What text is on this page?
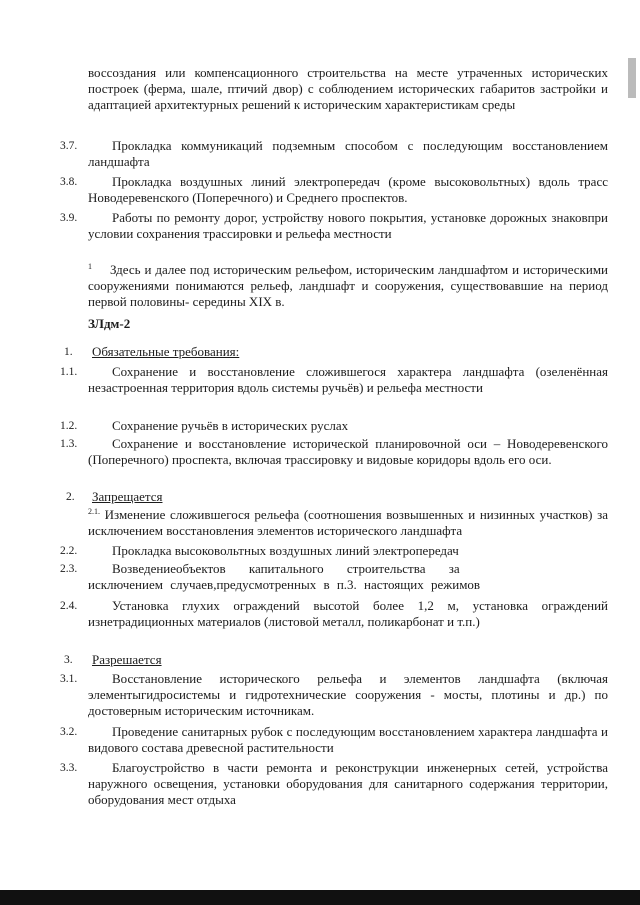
воссоздания или компенсационного строительства на месте утраченных исторических построек (ферма, шале, птичий двор) с соблюдением исторических габаритов застройки и адаптацией архитектурных решений к историческим характеристикам среды
3.7.	Прокладка коммуникаций подземным способом с последующим восстановлением ландшафта
3.8.	Прокладка воздушных линий электропередач (кроме высоковольтных) вдоль трасс Новодеревенского (Поперечного) и Среднего проспектов.
3.9.	Работы по ремонту дорог, устройству нового покрытия, установке дорожных знаковпри условии сохранения трассировки и рельефа местности
$^1$ Здесь и далее под историческим рельефом, историческим ландшафтом и историческими сооружениями понимаются рельеф, ландшафт и сооружения, существовавшие на период первой половины- середины XIX в.
ЗЛдм-2
1. Обязательные требования:
1.1.	Сохранение и восстановление сложившегося характера ландшафта (озеленённая незастроенная территория вдоль системы ручьёв) и рельефа местности
1.2.	Сохранение ручьёв в исторических руслах
1.3.	Сохранение и восстановление исторической планировочной оси – Новодеревенского (Поперечного) проспекта, включая трассировку и видовые коридоры вдоль его оси.
2. Запрещается
$^{2.1.}$ Изменение сложившегося рельефа (соотношения возвышенных и низинных участков) за исключением восстановления элементов исторического ландшафта
2.2.	Прокладка высоковольтных воздушных линий электропередач
2.3.	Возведениеобъектов капитального строительства за
исключением случаев,предусмотренных в п.3. настоящих режимов
2.4.	Установка глухих ограждений высотой более 1,2 м, установка ограждений изнетрадиционных материалов (листовой металл, поликарбонат и т.п.)
3. Разрешается
3.1.	Восстановление исторического рельефа и элементов ландшафта (включая элементыгидросистемы и гидротехнические сооружения - мосты, плотины и др.) по достоверным историческим источникам.
3.2.	Проведение санитарных рубок с последующим восстановлением характера ландшафта и видового состава древесной растительности
3.3.	Благоустройство в части ремонта и реконструкции инженерных сетей, устройства наружного освещения, установки оборудования для санитарного содержания территории, оборудования мест отдыха
